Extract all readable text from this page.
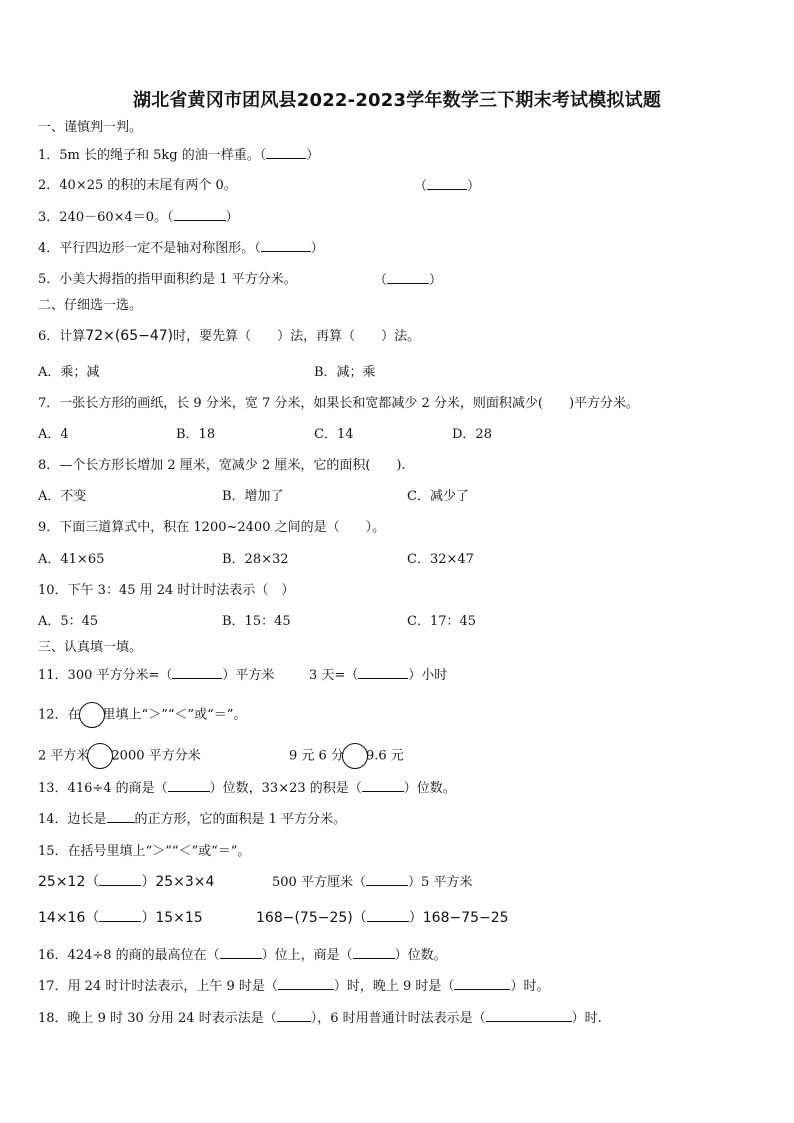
湖北省黄冈市团风县2022-2023学年数学三下期末考试模拟试题
一、谨慎判一判。
1．5m 长的绳子和 5kg 的油一样重。（	）
2．40×25 的积的末尾有两个 0。	（	）
3．240－60×4＝0。（	）
4．平行四边形一定不是轴对称图形。（	）
5．小美大拇指的指甲面积约是 1 平方分米。	（	）
二、仔细选一选。
6．计算72×(65−47)时，要先算（　　）法，再算（　　）法。
A．乘；减	B．减；乘
7．一张长方形的画纸，长 9 分米，宽 7 分米，如果长和宽都减少 2 分米，则面积减少(　　)平方分米。
A．4	B．18	C．14	D．28
8．—个长方形长增加 2 厘米，宽减少 2 厘米，它的面积(　　).
A．不变	B．增加了	C．减少了
9．下面三道算式中，积在 1200~2400 之间的是（　　）。
A．41×65	B．28×32	C．32×47
10．下午 3：45 用 24 时计时法表示（　）
A．5：45	B．15：45	C．17：45
三、认真填一填。
11．300 平方分米=（	）平方米	3 天=（	）小时
12．在 里填上“＞”“＜”或“＝”。
2 平方米 2000 平方分米	9 元 6 分 9.6 元
13．416÷4 的商是（	）位数，33×23 的积是（	）位数。
14．边长是 的正方形，它的面积是 1 平方分米。
15．在括号里填上“＞”“＜”或“＝”。
25×12（	）25×3×4	500 平方厘米（	）5 平方米
14×16（	）15×15	168−(75−25)（	）168−75−25
16．424÷8 的商的最高位在（	）位上，商是（	）位数。
17．用 24 时计时法表示，上午 9 时是（	）时，晚上 9 时是（	）时。
18．晚上 9 时 30 分用 24 时表示法是（	），6 时用普通计时法表示是（	）时.
